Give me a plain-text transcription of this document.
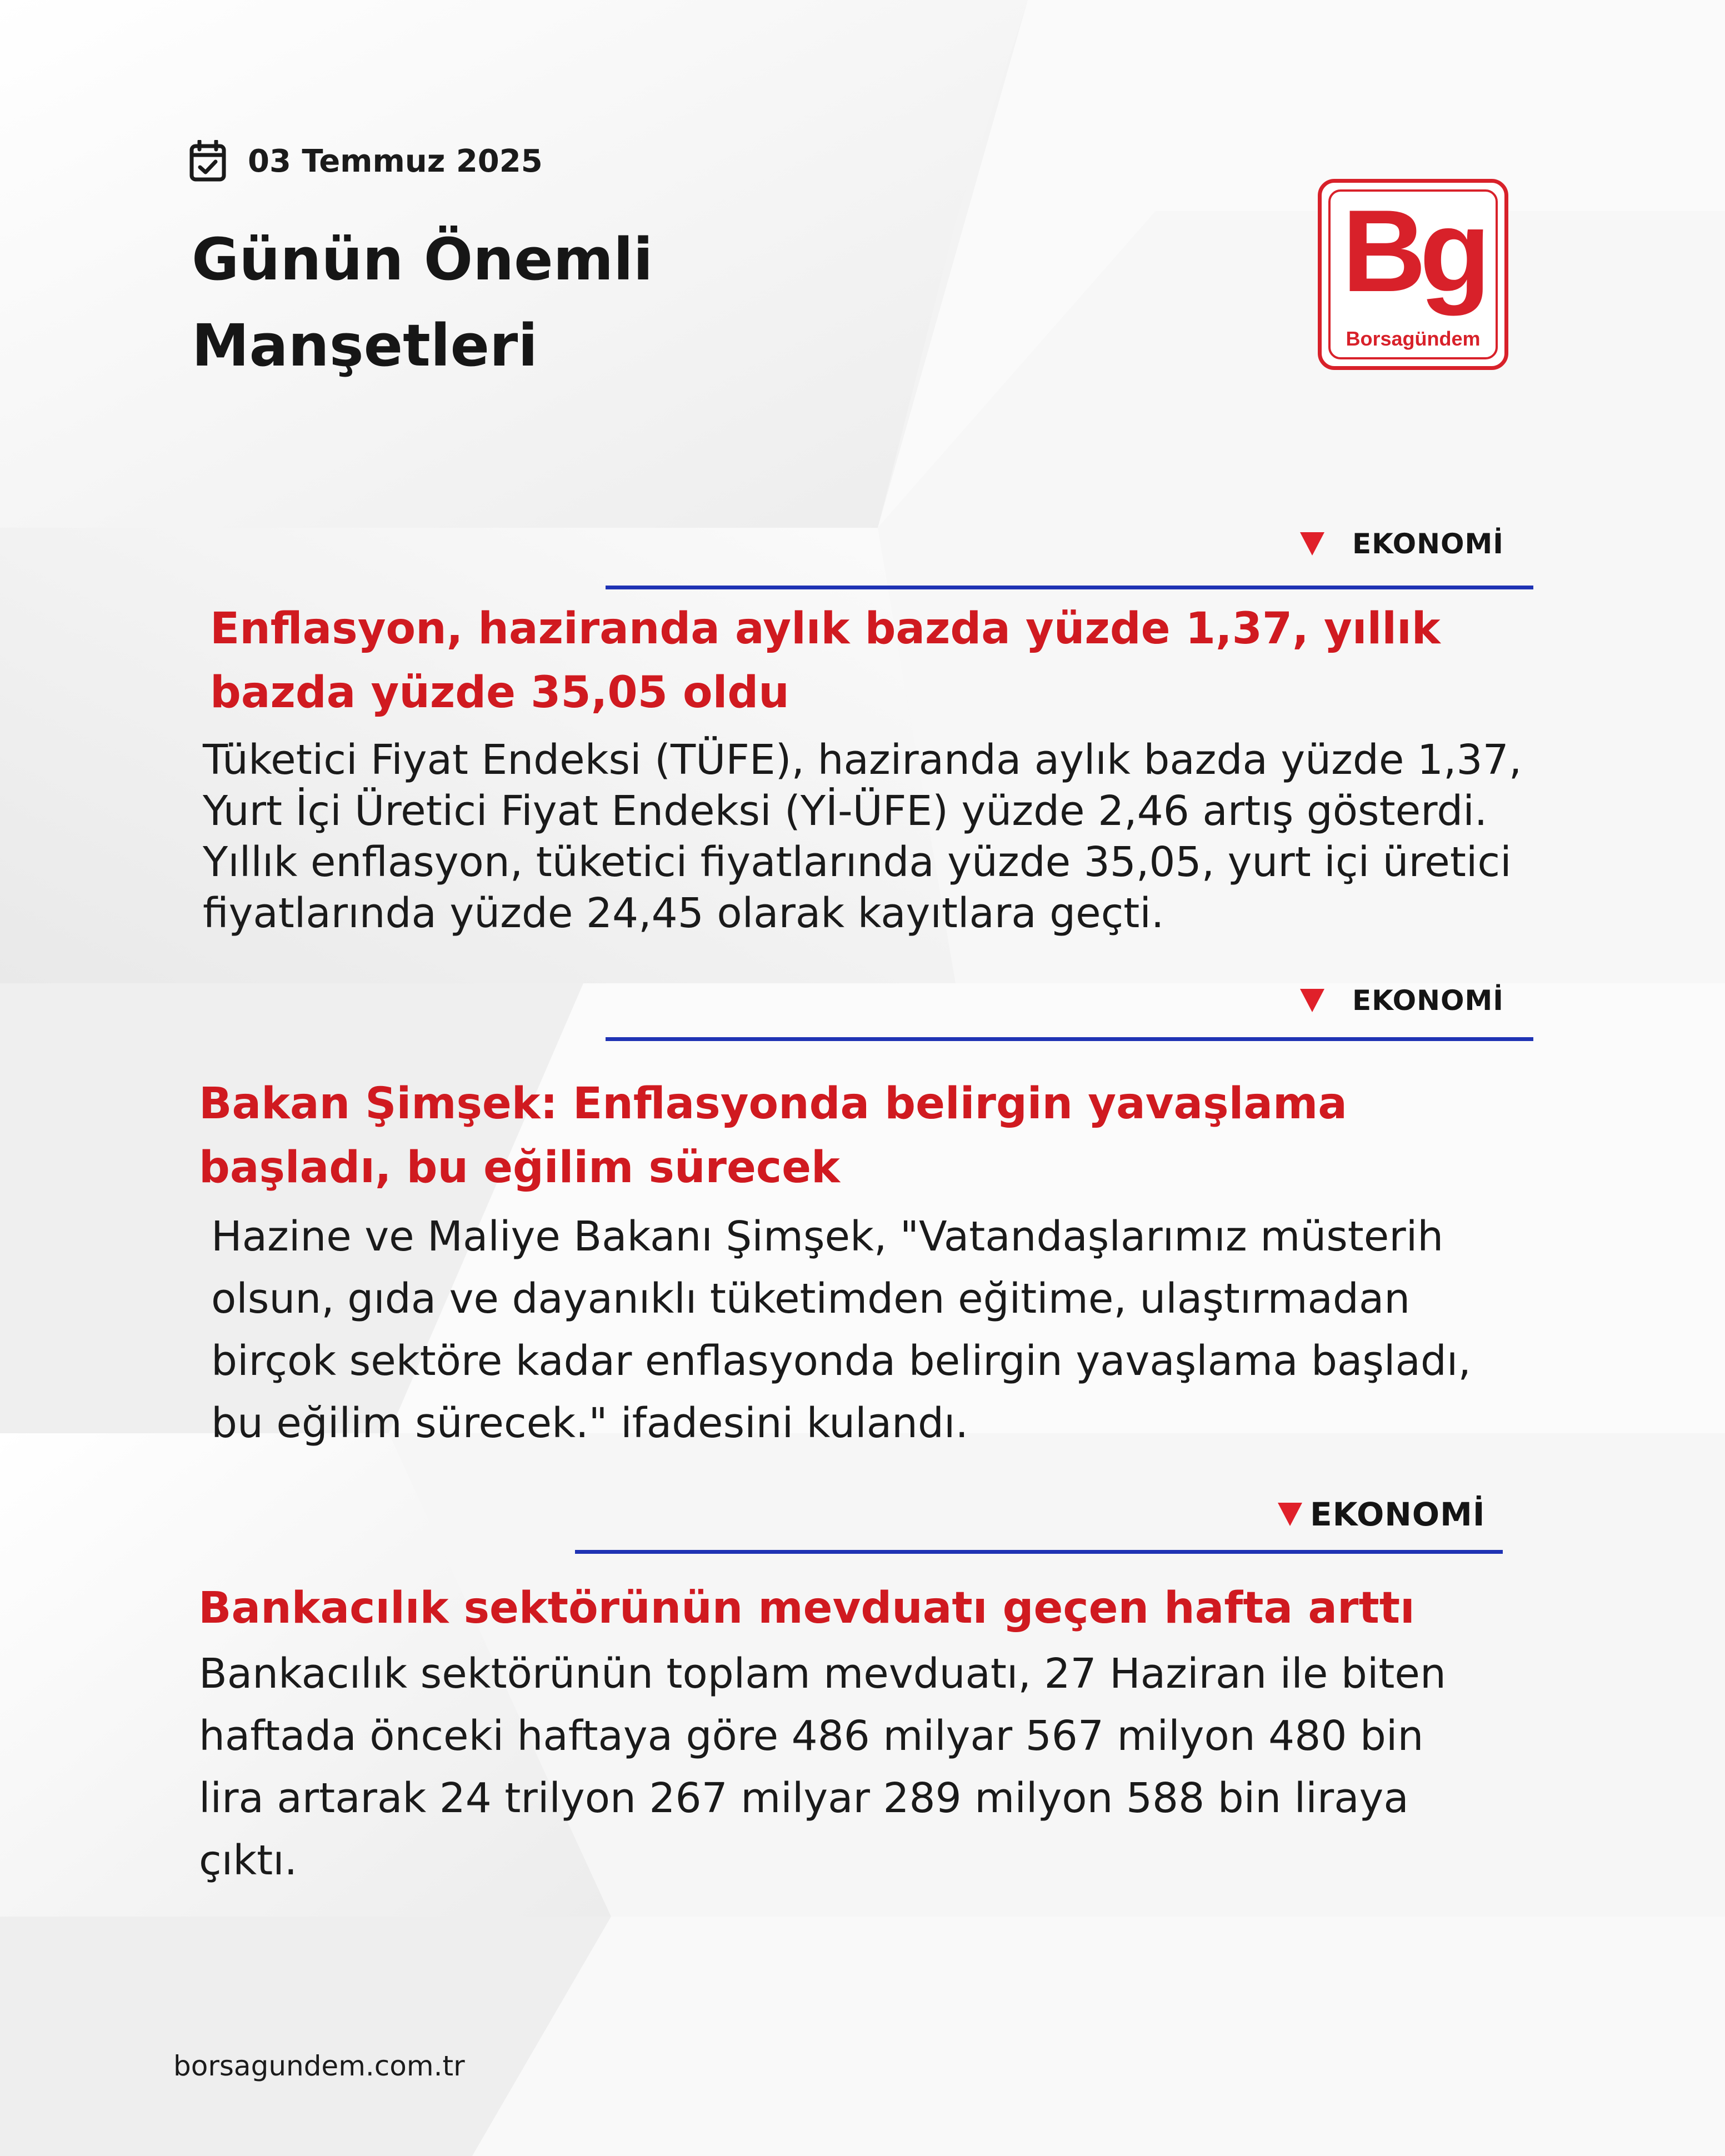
03 Temmuz 2025
Günün Önemli Manşetleri
Bg
Borsagündem
EKONOMİ
Enflasyon, haziranda aylık bazda yüzde 1,37, yıllık bazda yüzde 35,05 oldu

Tüketici Fiyat Endeksi (TÜFE), haziranda aylık bazda yüzde 1,37, Yurt İçi Üretici Fiyat Endeksi (Yİ-ÜFE) yüzde 2,46 artış gösterdi. Yıllık enflasyon, tüketici fiyatlarında yüzde 35,05, yurt içi üretici fiyatlarında yüzde 24,45 olarak kayıtlara geçti.

EKONOMİ
Bakan Şimşek: Enflasyonda belirgin yavaşlama başladı, bu eğilim sürecek

Hazine ve Maliye Bakanı Şimşek, "Vatandaşlarımız müsterih olsun, gıda ve dayanıklı tüketimden eğitime, ulaştırmadan birçok sektöre kadar enflasyonda belirgin yavaşlama başladı, bu eğilim sürecek." ifadesini kulandı.

EKONOMİ
Bankacılık sektörünün mevduatı geçen hafta arttı

Bankacılık sektörünün toplam mevduatı, 27 Haziran ile biten haftada önceki haftaya göre 486 milyar 567 milyon 480 bin lira artarak 24 trilyon 267 milyar 289 milyon 588 bin liraya çıktı.

borsagundem.com.tr
